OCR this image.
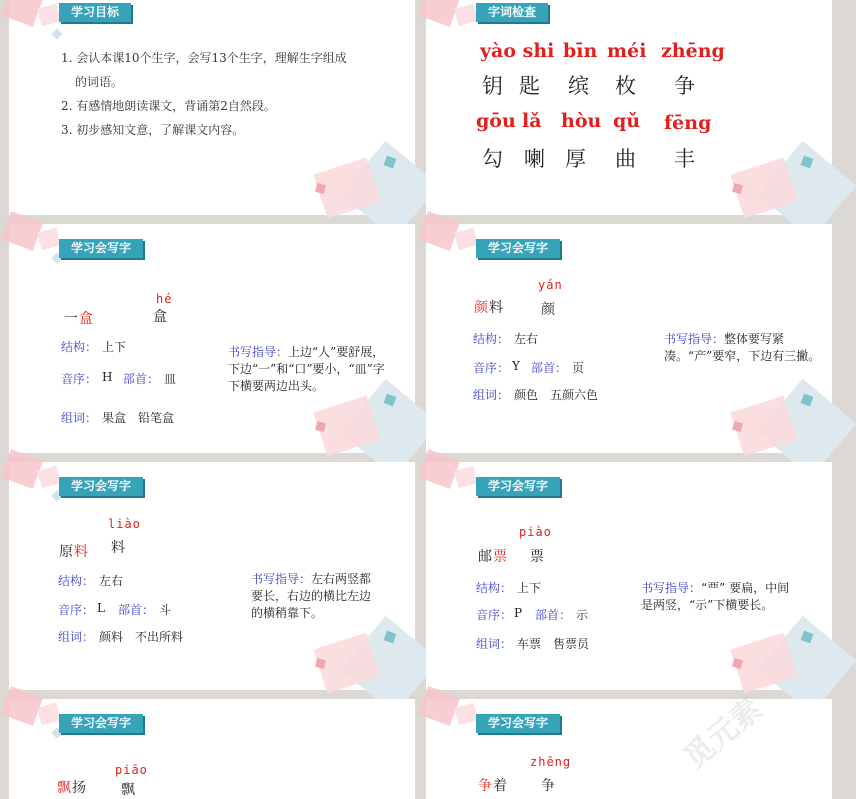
学习目标
1. 会认本课10个生字，会写13个生字，理解生字组成
的词语。
2. 有感情地朗读课文，背诵第2自然段。
3. 初步感知文意，了解课文内容。
字词检查
yào shi bīn méi zhēng
钥 匙 缤 枚 争
gōu lǎ hòu qǔ fēng
勾 喇 厚 曲 丰
学习会写字
一 盒
hé
盒
结构： 上下
音序： H 部首： 皿
组词： 果盒　铅笔盒
书写指导：上边“人”要舒展，下边“一”和“口”要小，“皿”字下横要两边出头。
学习会写字
颜 料
yán
颜
结构： 左右
音序： Y 部首： 页
组词： 颜色　五颜六色
书写指导：整体要写紧凑。“产”要窄，下边有三撇。
学习会写字
原 料
liào
料
结构： 左右
音序： L 部首： 斗
组词： 颜料　不出所料
书写指导：左右两竖都要长，右边的横比左边的横稍靠下。
学习会写字
邮 票
piào
票
结构： 上下
音序： P 部首： 示
组词： 车票　售票员
书写指导：“覀” 要扁，中间是两竖，“示”下横要长。
学习会写字
piāo
飘 扬	飘
学习会写字	觅元素
zhēng
争 着 争
